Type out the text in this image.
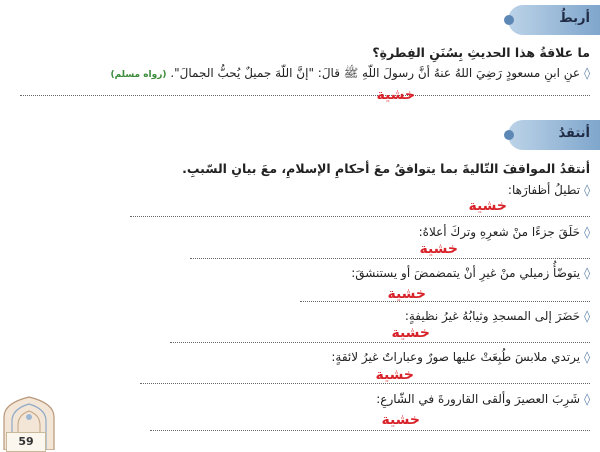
أربطُ
ما علاقةُ هذا الحديثِ بِسُنَنِ الفِطرةِ؟
◊عنِ ابنِ مسعودٍ رَضِيَ اللهُ عنهُ أنَّ رسولَ اللّهِ ﷺ قالَ: "إنَّ اللّهَ جميلٌ يُحبُّ الجمالَ". (رواه مسلم)
خشية
أنتقدُ
أنتقدُ المواقفَ التّاليةَ بما يتوافقُ معَ أحكامِ الإسلامِ، معَ بيانِ السّببِ.
◊تطيلُ أظفارَها:
خشية
◊حَلَقَ جزءًا منْ شعرِهِ وتركَ أعلاهُ:
خشية
◊يتوضّأُ زميلي منْ غيرِ أنْ يتمضمضَ أو يستنشقَ:
خشية
◊حَضَرَ إلى المسجدِ وثيابُهُ غيرُ نظيفةٍ:
خشية
◊يرتدي ملابسَ طُبِعَتْ عليها صورٌ وعباراتٌ غيرُ لائقةٍ:
خشية
◊شَرِبَ العصيرَ وألقى القارورةَ في الشّارعِ:
خشية
59
